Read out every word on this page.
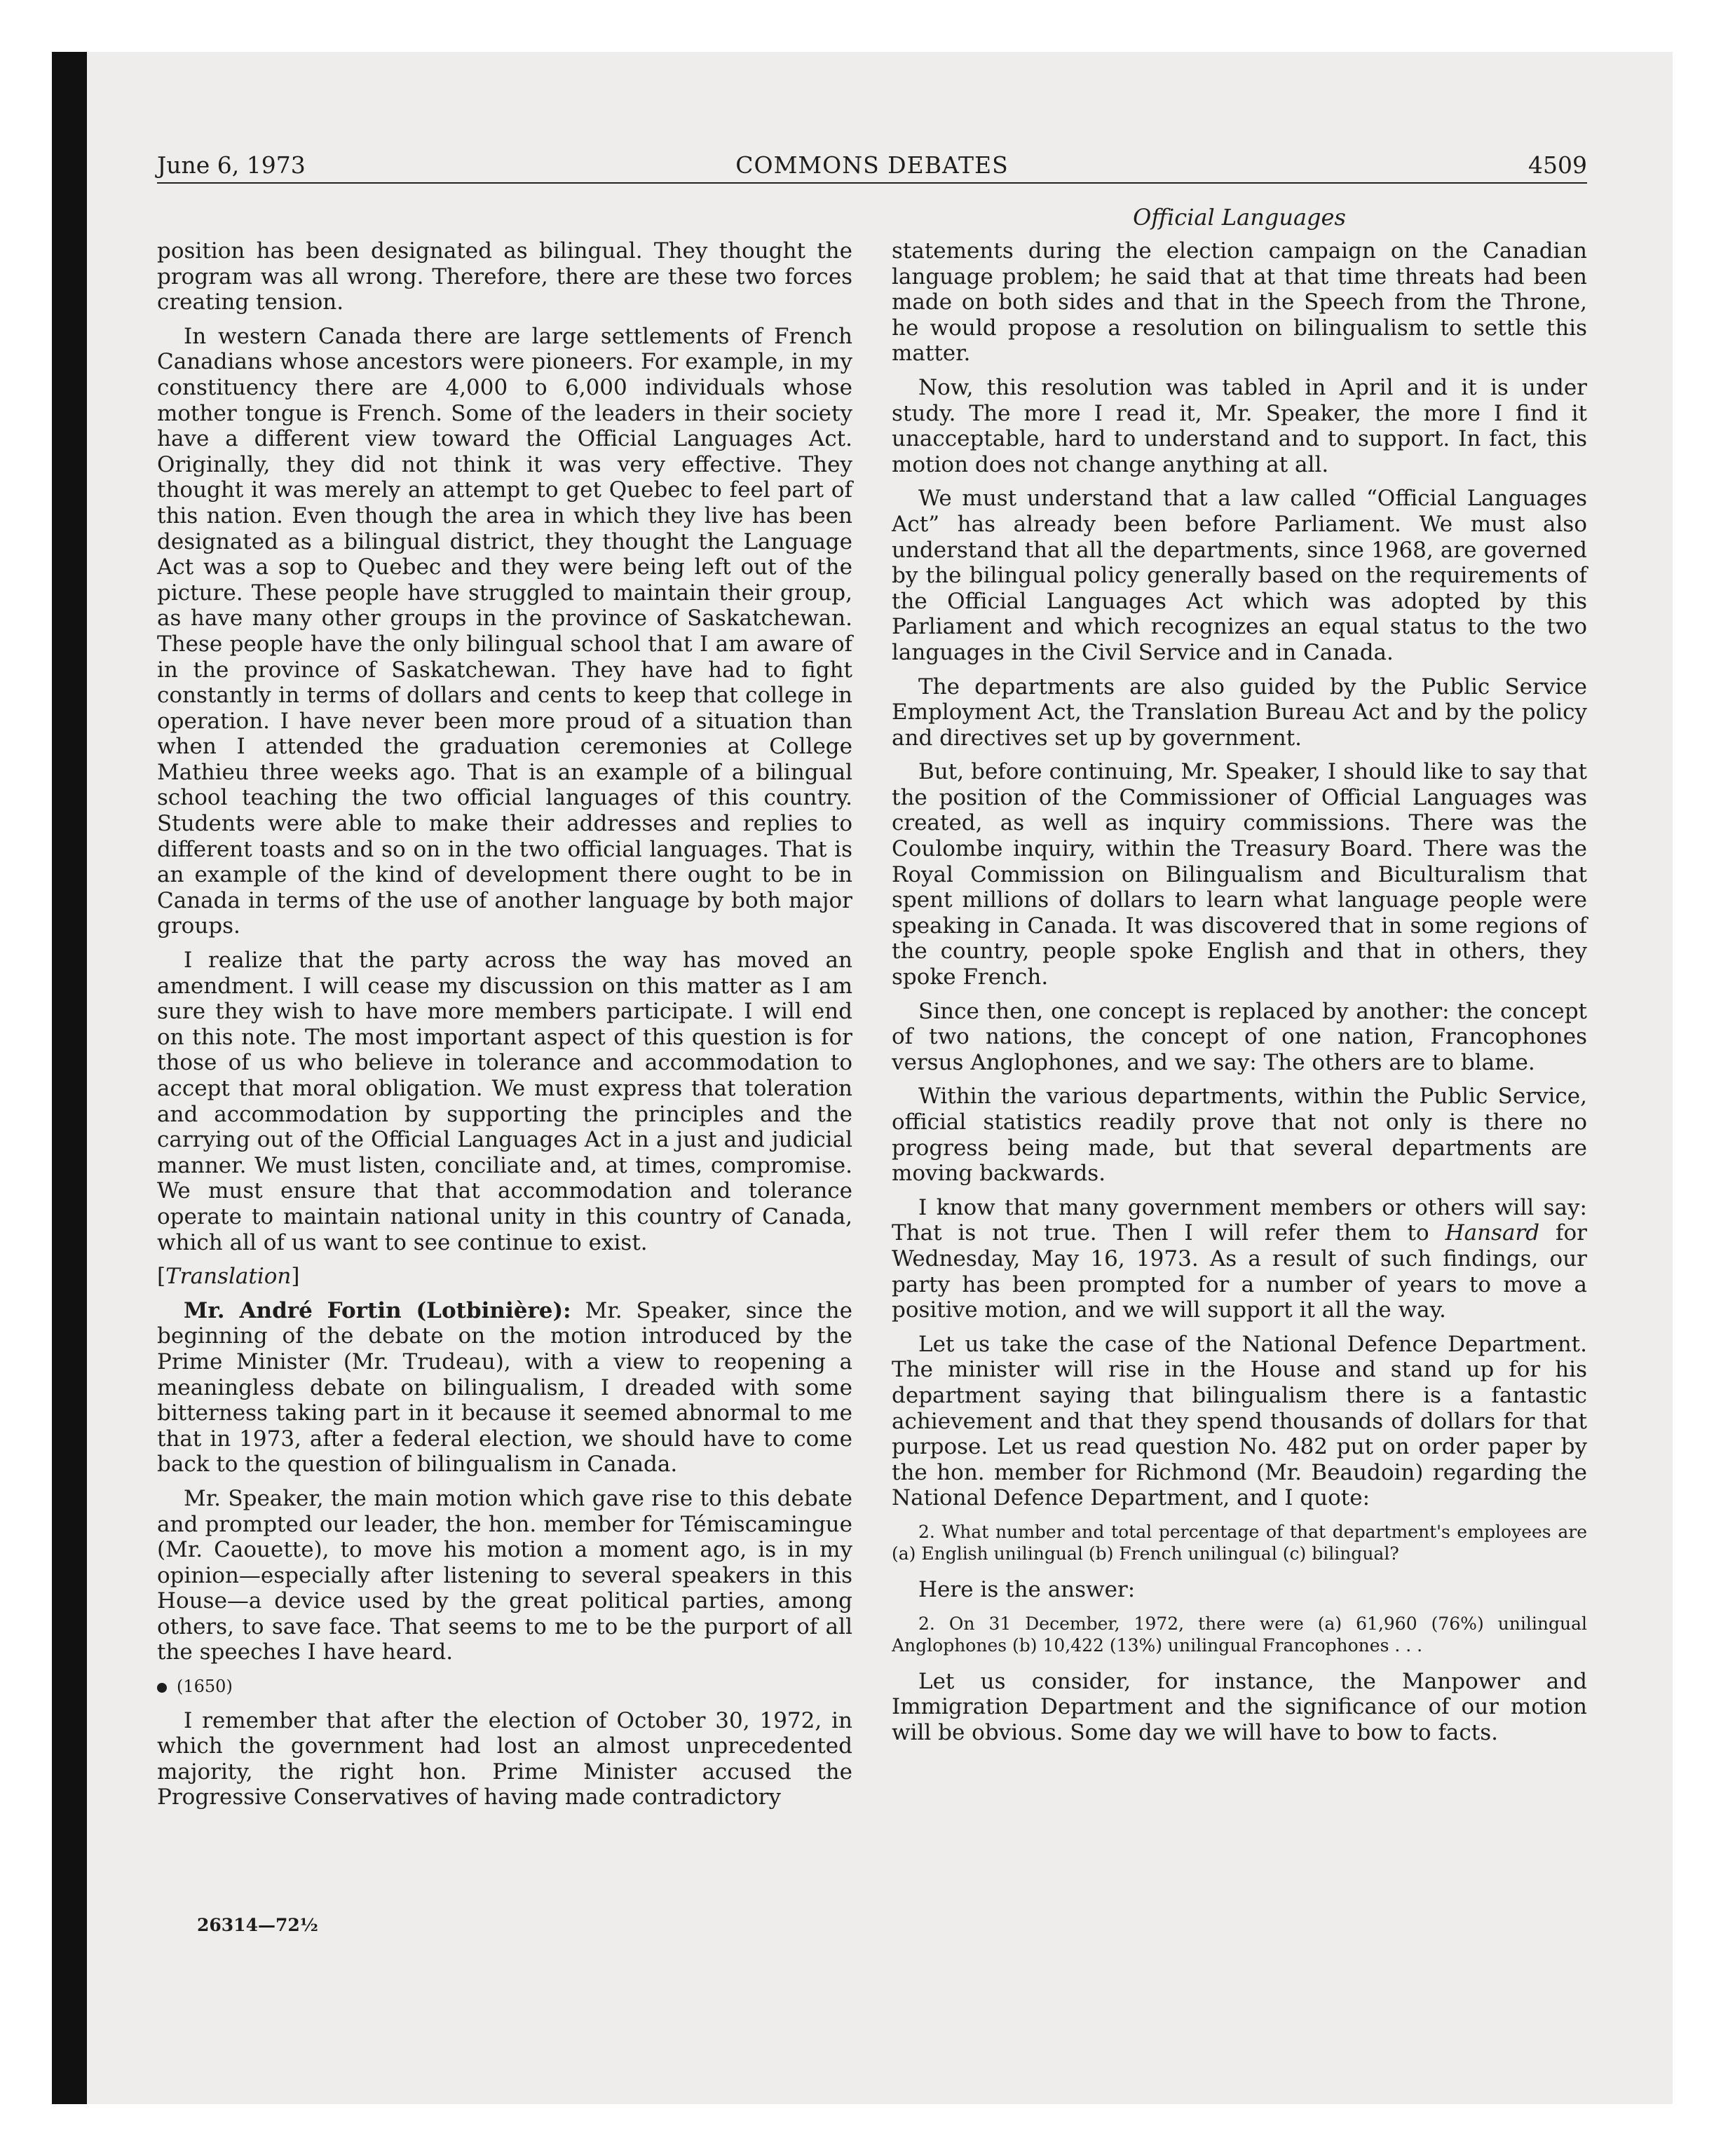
June 6, 1973	COMMONS DEBATES	4509
Official Languages

position has been designated as bilingual. They thought the program was all wrong. Therefore, there are these two forces creating tension.

In western Canada there are large settlements of French Canadians whose ancestors were pioneers. For example, in my constituency there are 4,000 to 6,000 individuals whose mother tongue is French. Some of the leaders in their society have a different view toward the Official Languages Act. Originally, they did not think it was very effective. They thought it was merely an attempt to get Quebec to feel part of this nation. Even though the area in which they live has been designated as a bilingual district, they thought the Language Act was a sop to Quebec and they were being left out of the picture. These people have struggled to maintain their group, as have many other groups in the province of Saskatchewan. These people have the only bilingual school that I am aware of in the province of Saskatchewan. They have had to fight constantly in terms of dollars and cents to keep that college in operation. I have never been more proud of a situation than when I attended the graduation ceremonies at College Mathieu three weeks ago. That is an example of a bilingual school teaching the two official languages of this country. Students were able to make their addresses and replies to different toasts and so on in the two official languages. That is an example of the kind of development there ought to be in Canada in terms of the use of another language by both major groups.

I realize that the party across the way has moved an amendment. I will cease my discussion on this matter as I am sure they wish to have more members participate. I will end on this note. The most important aspect of this question is for those of us who believe in tolerance and accommodation to accept that moral obligation. We must express that toleration and accommodation by supporting the principles and the carrying out of the Official Languages Act in a just and judicial manner. We must listen, conciliate and, at times, compromise. We must ensure that that accommodation and tolerance operate to maintain national unity in this country of Canada, which all of us want to see continue to exist.

[Translation]

Mr. André Fortin (Lotbinière): Mr. Speaker, since the beginning of the debate on the motion introduced by the Prime Minister (Mr. Trudeau), with a view to reopening a meaningless debate on bilingualism, I dreaded with some bitterness taking part in it because it seemed abnormal to me that in 1973, after a federal election, we should have to come back to the question of bilingualism in Canada.

Mr. Speaker, the main motion which gave rise to this debate and prompted our leader, the hon. member for Témiscamingue (Mr. Caouette), to move his motion a moment ago, is in my opinion—especially after listening to several speakers in this House—a device used by the great political parties, among others, to save face. That seems to me to be the purport of all the speeches I have heard.

(1650)

I remember that after the election of October 30, 1972, in which the government had lost an almost unprecedented majority, the right hon. Prime Minister accused the Progressive Conservatives of having made contradictory

statements during the election campaign on the Canadian language problem; he said that at that time threats had been made on both sides and that in the Speech from the Throne, he would propose a resolution on bilingualism to settle this matter.

Now, this resolution was tabled in April and it is under study. The more I read it, Mr. Speaker, the more I find it unacceptable, hard to understand and to support. In fact, this motion does not change anything at all.

We must understand that a law called “Official Languages Act” has already been before Parliament. We must also understand that all the departments, since 1968, are governed by the bilingual policy generally based on the requirements of the Official Languages Act which was adopted by this Parliament and which recognizes an equal status to the two languages in the Civil Service and in Canada.

The departments are also guided by the Public Service Employment Act, the Translation Bureau Act and by the policy and directives set up by government.

But, before continuing, Mr. Speaker, I should like to say that the position of the Commissioner of Official Languages was created, as well as inquiry commissions. There was the Coulombe inquiry, within the Treasury Board. There was the Royal Commission on Bilingualism and Biculturalism that spent millions of dollars to learn what language people were speaking in Canada. It was discovered that in some regions of the country, people spoke English and that in others, they spoke French.

Since then, one concept is replaced by another: the concept of two nations, the concept of one nation, Francophones versus Anglophones, and we say: The others are to blame.

Within the various departments, within the Public Service, official statistics readily prove that not only is there no progress being made, but that several departments are moving backwards.

I know that many government members or others will say: That is not true. Then I will refer them to Hansard for Wednesday, May 16, 1973. As a result of such findings, our party has been prompted for a number of years to move a positive motion, and we will support it all the way.

Let us take the case of the National Defence Department. The minister will rise in the House and stand up for his department saying that bilingualism there is a fantastic achievement and that they spend thousands of dollars for that purpose. Let us read question No. 482 put on order paper by the hon. member for Richmond (Mr. Beaudoin) regarding the National Defence Department, and I quote:

2. What number and total percentage of that department's employees are (a) English unilingual (b) French unilingual (c) bilingual?

Here is the answer:

2. On 31 December, 1972, there were (a) 61,960 (76%) unilingual Anglophones (b) 10,422 (13%) unilingual Francophones . . .

Let us consider, for instance, the Manpower and Immigration Department and the significance of our motion will be obvious. Some day we will have to bow to facts.

26314—72½
